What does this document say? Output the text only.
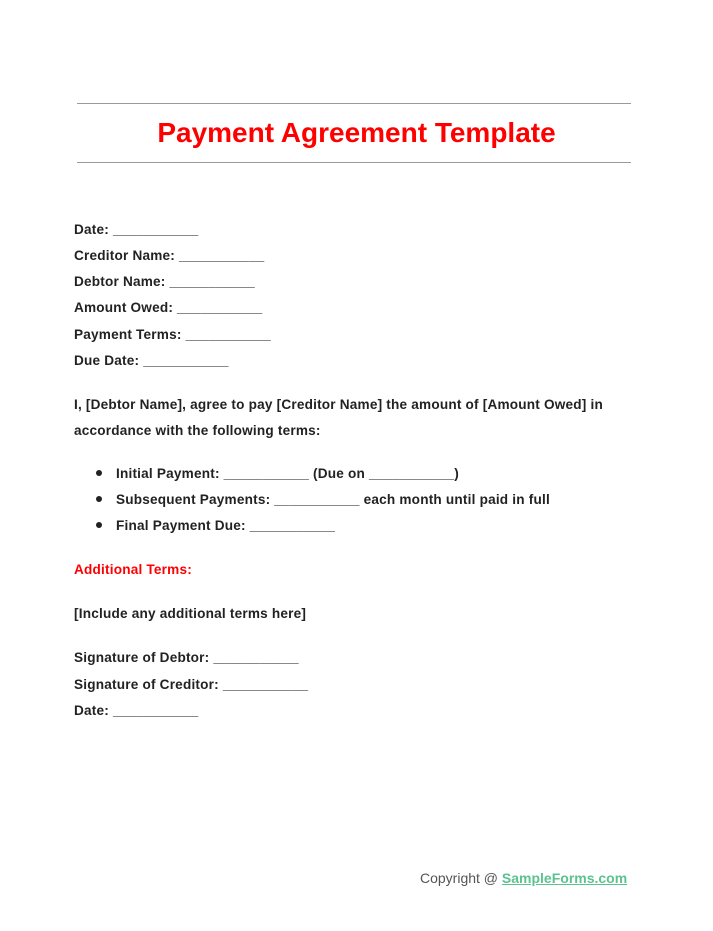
Payment Agreement Template
Date: ___________
Creditor Name: ___________
Debtor Name: ___________
Amount Owed: ___________
Payment Terms: ___________
Due Date: ___________
I, [Debtor Name], agree to pay [Creditor Name] the amount of [Amount Owed] in
accordance with the following terms:
Initial Payment: ___________ (Due on ___________)
Subsequent Payments: ___________ each month until paid in full
Final Payment Due: ___________
Additional Terms:
[Include any additional terms here]
Signature of Debtor: ___________
Signature of Creditor: ___________
Date: ___________
Copyright @ SampleForms.com
